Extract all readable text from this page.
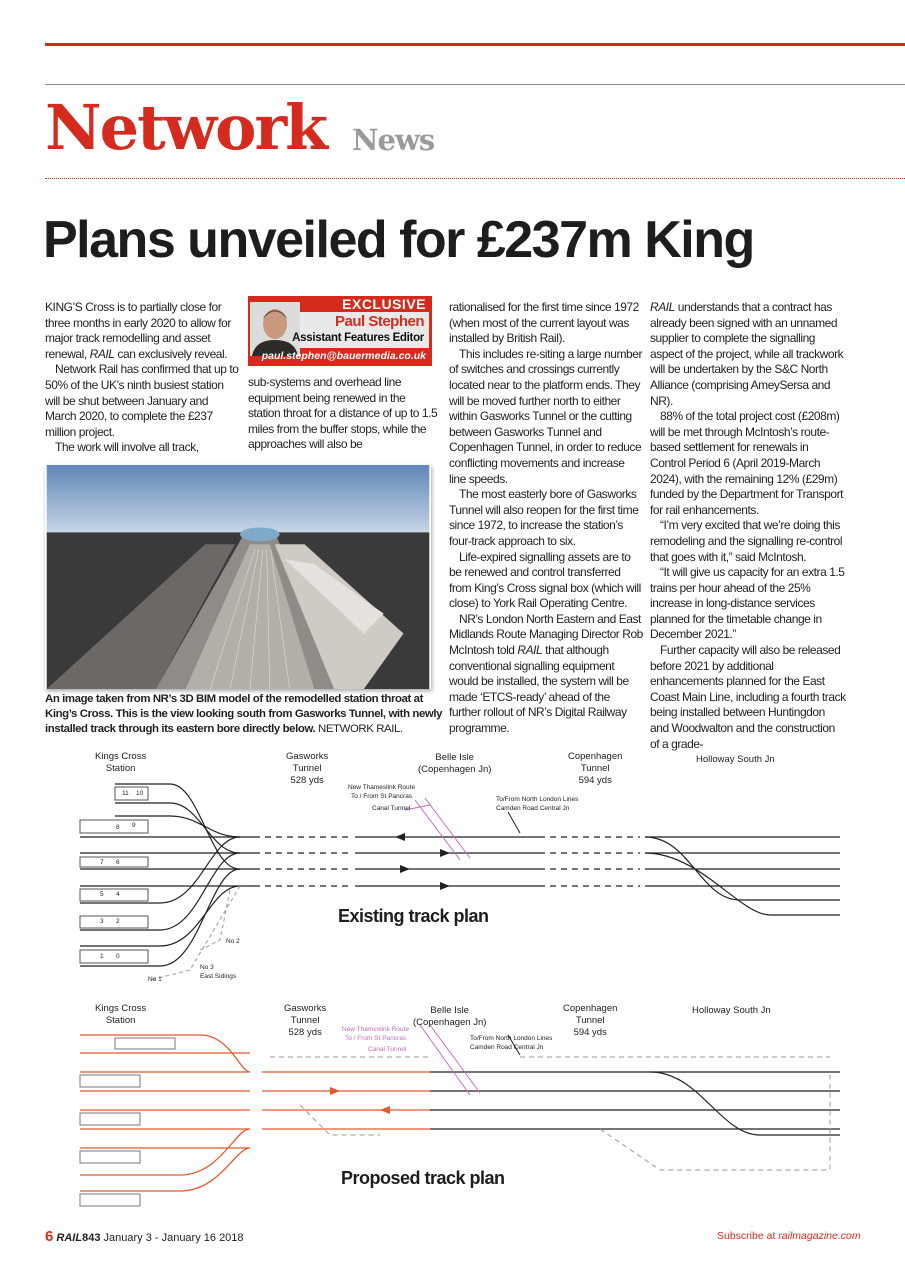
Network News
Plans unveiled for £237m King

KING’S Cross is to partially close for three months in early 2020 to allow for major track remodelling and asset renewal, RAIL can exclusively reveal.

Network Rail has confirmed that up to 50% of the UK’s ninth busiest station will be shut between January and March 2020, to complete the £237 million project.

The work will involve all track,

EXCLUSIVE
Paul Stephen
Assistant Features Editor
paul.stephen@bauermedia.co.uk

sub-systems and overhead line equipment being renewed in the station throat for a distance of up to 1.5 miles from the buffer stops, while the approaches will also be

rationalised for the first time since 1972 (when most of the current layout was installed by British Rail).

This includes re-siting a large number of switches and crossings currently located near to the platform ends. They will be moved further north to either within Gasworks Tunnel or the cutting between Gasworks Tunnel and Copenhagen Tunnel, in order to reduce conflicting movements and increase line speeds.

The most easterly bore of Gasworks Tunnel will also reopen for the first time since 1972, to increase the station’s four-track approach to six.

Life-expired signalling assets are to be renewed and control transferred from King’s Cross signal box (which will close) to York Rail Operating Centre.

NR’s London North Eastern and East Midlands Route Managing Director Rob McIntosh told RAIL that although conventional signalling equipment would be installed, the system will be made ‘ETCS-ready’ ahead of the further rollout of NR’s Digital Railway programme.

RAIL understands that a contract has already been signed with an unnamed supplier to complete the signalling aspect of the project, while all trackwork will be undertaken by the S&C North Alliance (comprising AmeySersa and NR).

88% of the total project cost (£208m) will be met through McIntosh’s route-based settlement for renewals in Control Period 6 (April 2019-March 2024), with the remaining 12% (£29m) funded by the Department for Transport for rail enhancements.

“I’m very excited that we’re doing this remodeling and the signalling re-control that goes with it,” said McIntosh.

“It will give us capacity for an extra 1.5 trains per hour ahead of the 25% increase in long-distance services planned for the timetable change in December 2021.”

Further capacity will also be released before 2021 by additional enhancements planned for the East Coast Main Line, including a fourth track being installed between Huntingdon and Woodwalton and the construction of a grade-

An image taken from NR’s 3D BIM model of the remodelled station throat at King’s Cross. This is the view looking south from Gasworks Tunnel, with newly installed track through its eastern bore directly below. NETWORK RAIL.
Kings Cross
Station
Gasworks
Tunnel
528 yds
Belle Isle
(Copenhagen Jn)
Copenhagen
Tunnel
594 yds
Holloway South Jn
New Thameslink Route
To / From St Pancras
Canal Tunnel
To/From North London Lines
Camden Road Central Jn
No 2
No 3
East Sidings
No 1
11 10
9
8
7 6
5 4
3 2
1 0
Existing track plan
Kings Cross
Station
Gasworks
Tunnel
528 yds
Belle Isle
(Copenhagen Jn)
Copenhagen
Tunnel
594 yds
Holloway South Jn
New Thameslink Route
To / From St Pancras
Canal Tunnel
To/From North London Lines
Camden Road Central Jn
Proposed track plan
6 RAIL843 January 3 - January 16 2018	Subscribe at railmagazine.com
